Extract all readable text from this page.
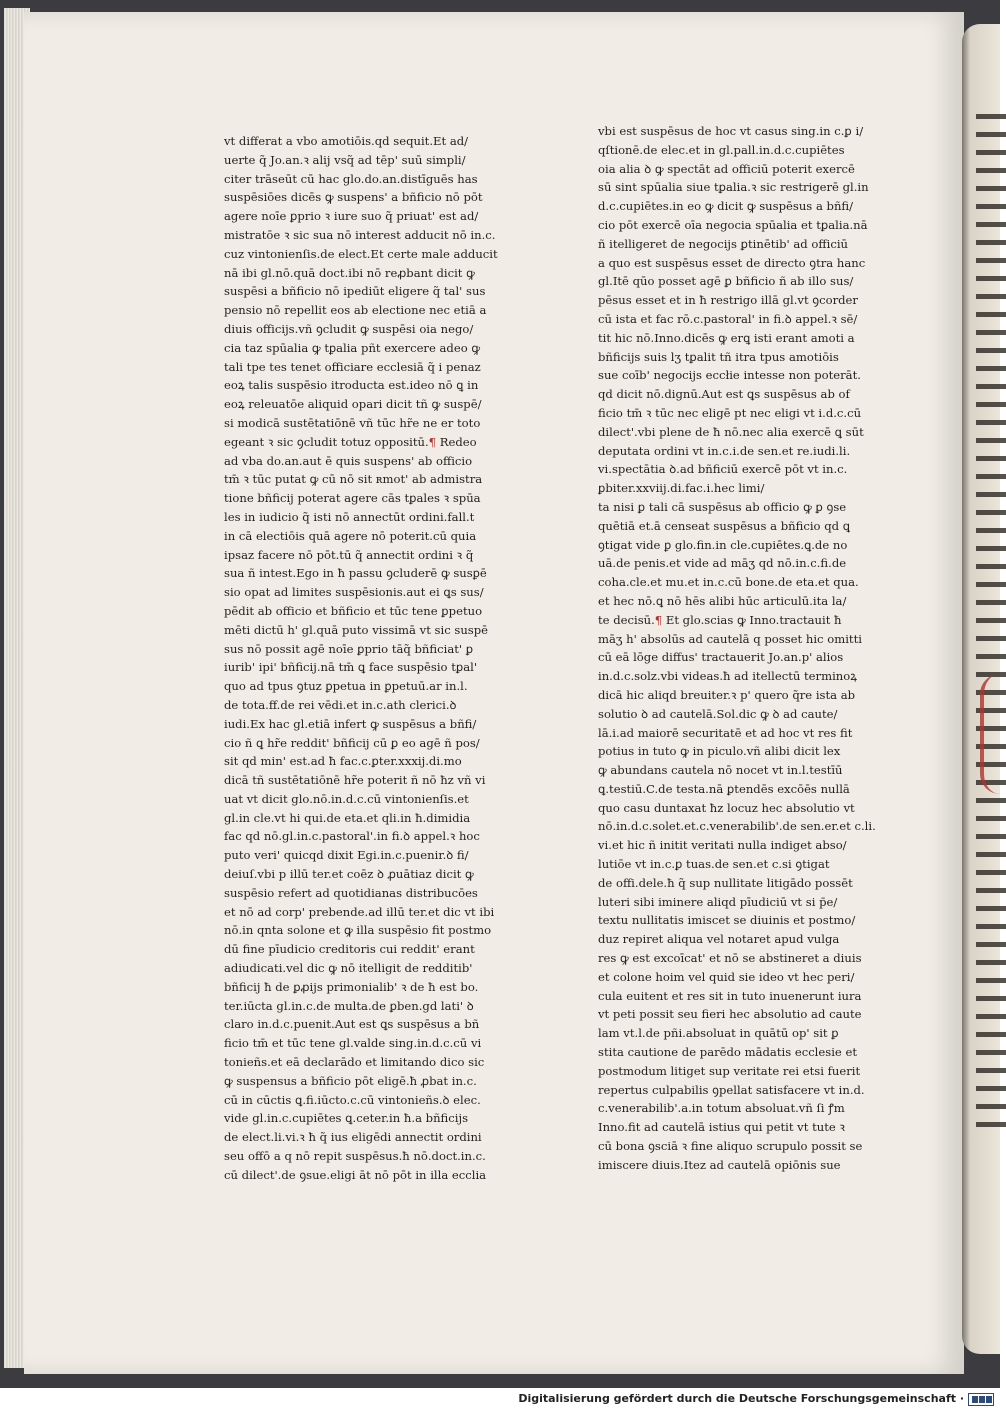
vt differat a vbo amotiōis.qd sequit.Et ad/
uerte q̃ Jo.an.ꝛ alij vsq̃ ad tēp' suū simpli/
citer trāseūt cū hac glo.do.an.distīguēs has
suspēsiōes dicēs ꝙ suspens' a bñficio nō pōt
agere noīe ꝑprio ꝛ iure suo q̃ priuat' est ad/
mistratōe ꝛ sic sua nō interest adducit nō in.c.
cuz vintonienſis.de elect.Et certe male adducit
nā ibi gl.nō.quā doct.ibi nō reꝓbant dicit ꝙ
suspēsi a bñficio nō ipediūt eligere q̃ tal' sus
pensio nō repellit eos ab electione nec etiā a
diuis officijs.vñ ꝯcludit ꝙ suspēsi oia nego/
cia taz spūalia ꝙ tꝑalia pñt exercere adeo ꝙ
tali tpe tes tenet officiare ecclesiā q̃ i penaz
eoꝝ talis suspēsio itroducta est.ideo nō ꝗ in
eoꝝ releuatōe aliquid opari dicit tñ ꝙ suspē/
si modicā sustētatiōnē vñ tūc hr̃e ne er toto
egeant ꝛ sic ꝯcludit totuz oppositū.¶ Redeo
ad vba do.an.aut ē quis suspens' ab officio
tm̄ ꝛ tūc putat ꝙ cū nō sit ʀmot' ab admistra
tione bñficij poterat agere cās tꝑales ꝛ spūa
les in iudicio q̃ isti nō annectūt ordini.fall.t
in cā electiōis quā agere nō poterit.cū quia
ipsaz facere nō pōt.tū q̃ annectit ordini ꝛ q̃
sua ñ intest.Ego in ħ passu ꝯcluderē ꝙ susꝑē
sio opat ad limites suspēsionis.aut ei ꝗs sus/
pēdit ab officio et bñficio et tūc tene ꝑpetuo
mēti dictū h' gl.quā puto vissimā vt sic suspē
sus nō possit agē noīe ꝑprio tāq̃ bñficiat' ꝑ
iurib' ipi' bñficij.nā tm̄ ꝗ face suspēsio tꝑal'
quo ad tpus ꝯtuz ꝑpetua in ꝑpetuū.ar in.l.
de tota.ff.de rei vēdi.et in.c.ath clerici.ꝺ
iudi.Ex hac gl.etiā infert ꝙ suspēsus a bñfi/
cio ñ ꝗ hr̃e reddit' bñficij cū ꝑ eo agē ñ pos/
sit qd min' est.ad ħ fac.c.ꝑter.xxxij.di.mo
dicā tñ sustētatiōnē hr̃e poterit ñ nō ħz vñ vi
uat vt dicit glo.nō.in.d.c.cū vintonienſis.et
gl.in cle.vt hi qui.de eta.et qli.in ħ.dimidia
fac qd nō.gl.in.c.pastoral'.in fi.ꝺ appel.ꝛ hoc
puto veri' quicqd dixit Egi.in.c.puenir.ꝺ fi/
deiuſ.vbi p illū ter.et coēz ꝺ ꝓuātiaz dicit ꝙ
suspēsio refert ad quotidianas distribucōes
et nō ad corp' prebende.ad illū ter.et dic vt ibi
nō.in qnta solone et ꝙ illa suspēsio fit postmo
dū fine pīudicio creditoris cui reddit' erant
adiudicati.vel dic ꝙ nō itelligit de redditib'
bñficij ħ de ꝑꝓijs primonialib' ꝛ de ħ est bo.
ter.iūcta gl.in.c.de multa.de ꝑben.gd lati' ꝺ
claro in.d.c.puenit.Aut est ꝗs suspēsus a bñ
ficio tm̄ et tūc tene gl.valde sing.in.d.c.cū vi
tonieñs.et eā declarādo et limitando dico sic
ꝙ suspensus a bñficio pōt eligē.ħ ꝓbat in.c.
cū in cūctis ꝗ.fi.iūcto.c.cū vintonieñs.ꝺ elec.
vide gl.in.c.cupiētes ꝗ.ceter.in ħ.a bñficijs
de elect.li.vi.ꝛ ħ q̃ ius eligēdi annectit ordini
seu offō a q nō repit suspēsus.ħ nō.doct.in.c.
cū dilect'.de ꝯsue.eligi āt nō pōt in illa ecclia
vbi est suspēsus de hoc vt casus sing.in c.ꝑ i/
qſtionē.de elec.et in gl.pall.in.d.c.cupiētes
oia alia ꝺ ꝙ spectāt ad officiū poterit exercē
sū sint spūalia siue tꝑalia.ꝛ sic restrigerē gl.in
d.c.cupiētes.in eo ꝙ dicit ꝙ suspēsus a bñfi/
cio pōt exercē oīa negocia spūalia et tꝑalia.nā
ñ itelligeret de negocijs ꝑtinētib' ad officiū
a quo est suspēsus esset de directo ꝯtra hanc
gl.Itē qūo posset agē ꝑ bñficio ñ ab illo sus/
pēsus esset et in ħ restrigo illā gl.vt ꝯcorder
cū ista et fac rō.c.pastoral' in fi.ꝺ appel.ꝛ sē/
tit hic nō.Inno.dicēs ꝙ erꝗ isti erant amoti a
bñficijs suis lʒ tꝑalit tñ itra tpus amotiōis
sue coīb' negocijs eccłie intesse non poterāt.
qd dicit nō.dignū.Aut est ꝗs suspēsus ab of
ficio tm̄ ꝛ tūc nec eligē pt nec eligi vt i.d.c.cū
dilect'.vbi plene de ħ nō.nec alia exercē ꝗ sūt
deputata ordini vt in.c.i.de sen.et re.iudi.li.
vi.spectātia ꝺ.ad bñficiū exercē pōt vt in.c.
ꝑbiter.xxviij.di.fac.i.hec limi/
ta nisi ꝑ tali cā suspēsus ab officio ꝙ ꝑ ꝯse
quētiā et.ā censeat suspēsus a bñficio qd ꝗ
ꝯtigat vide ꝑ glo.fin.in cle.cupiētes.ꝗ.de no
uā.de penis.et vide ad māʒ qd nō.in.c.fi.de
coha.cle.et mu.et in.c.cū bone.de eta.et qua.
et hec nō.ꝗ nō hēs alibi hūc articulū.ita la/
te decisū.¶ Et glo.scias ꝙ Inno.tractauit ħ
māʒ h' absolūs ad cautelā q posset hic omitti
cū eā lōge diffus' tractauerit Jo.an.p' alios
in.d.c.solz.vbi videas.ħ ad itellectū terminoꝝ
dicā hic aliqd breuiter.ꝛ p' quero q̃re ista ab
solutio ꝺ ad cautelā.Sol.dic ꝙ ꝺ ad caute/
lā.i.ad maiorē securitatē et ad hoc vt res fit
potius in tuto ꝙ in piculo.vñ alibi dicit lex
ꝙ abundans cautela nō nocet vt in.l.testīū
ꝗ.testiū.C.de testa.nā ꝑtendēs excōēs nullā
quo casu duntaxat ħz locuz hec absolutio vt
nō.in.d.c.solet.et.c.venerabilib'.de sen.er.et c.li.
vi.et hic ñ initit veritati nulla indiget abso/
lutiōe vt in.c.ꝑ tuas.de sen.et c.si ꝯtigat
de offi.dele.ħ q̃ sup nullitate litigādo possēt
luteri sibi iminere aliqd pīudiciū vt si p̄e/
textu nullitatis imiscet se diuinis et postmo/
duz repiret aliqua vel notaret apud vulga
res ꝙ est excoīcat' et nō se abstineret a diuis
et colone hoim vel quid sie ideo vt hec peri/
cula euitent et res sit in tuto inuenerunt iura
vt peti possit seu fieri hec absolutio ad caute
lam vt.l.de pñi.absoluat in quātū op' sit ꝑ
stita cautione de parēdo mādatis ecclesie et
postmodum litiget sup veritate rei etsi fuerit
repertus culpabilis ꝯpellat satisfacere vt in.d.
c.venerabilib'.a.in totum absoluat.vñ ſi ꝭm
Inno.fit ad cautelā istius qui petit vt tute ꝛ
cū bona ꝯsciā ꝛ fine aliquo scrupulo possit se
imiscere diuis.Itez ad cautelā opiōnis sue
Digitalisierung gefördert durch die Deutsche Forschungsgemeinschaft ·
